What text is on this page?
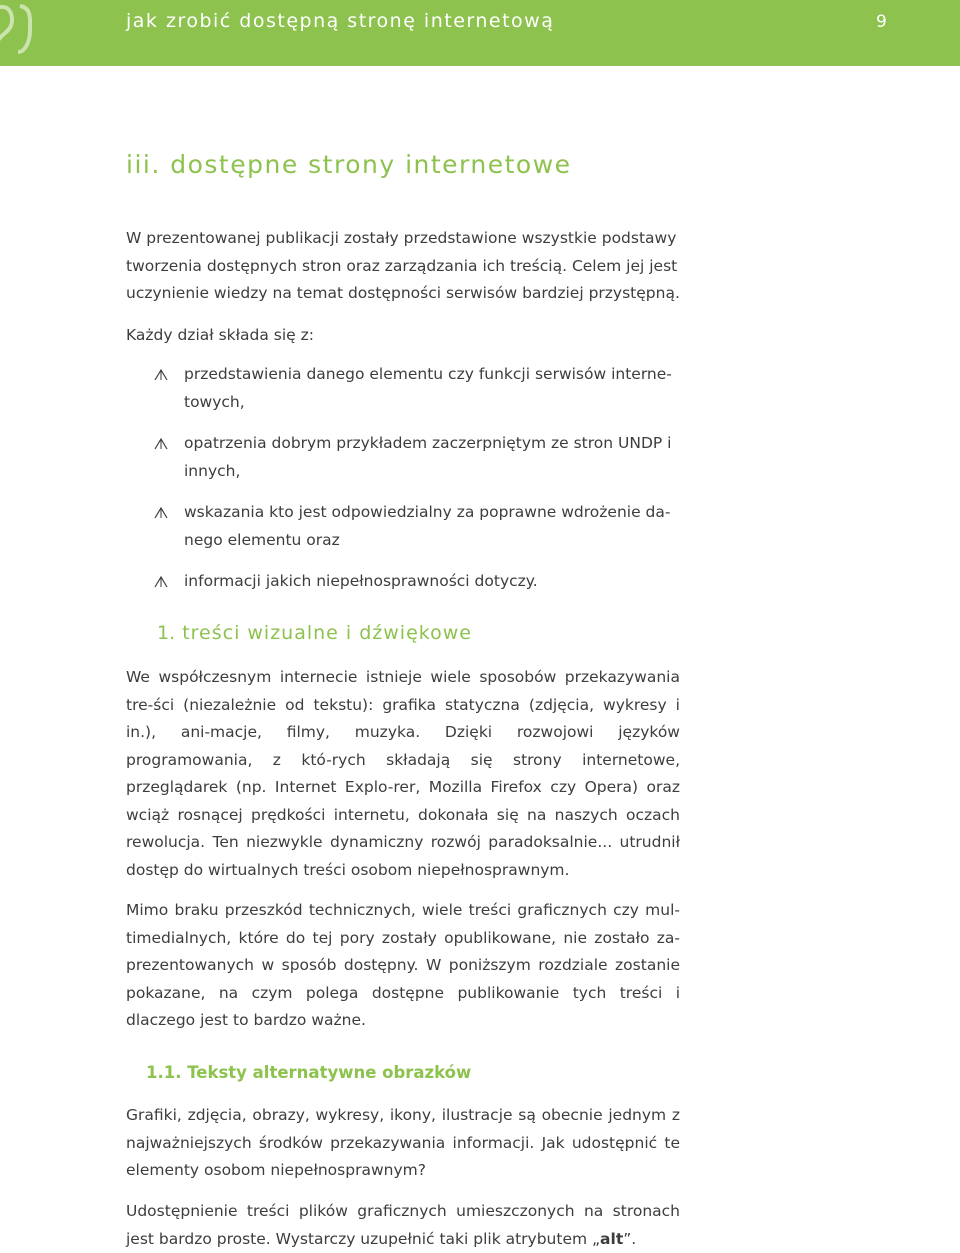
jak zrobić dostępną stronę internetową	9
iii. dostępne strony internetowe

W prezentowanej publikacji zostały przedstawione wszystkie podstawy tworzenia dostępnych stron oraz zarządzania ich treścią. Celem jej jest uczynienie wiedzy na temat dostępności serwisów bardziej przystępną.

Każdy dział składa się z:

przedstawienia danego elementu czy funkcji serwisów interne-towych,
opatrzenia dobrym przykładem zaczerpniętym ze stron UNDP i innych,
wskazania kto jest odpowiedzialny za poprawne wdrożenie da-nego elementu oraz
informacji jakich niepełnosprawności dotyczy.
1. treści wizualne i dźwiękowe

We współczesnym internecie istnieje wiele sposobów przekazywania tre-ści (niezależnie od tekstu): grafika statyczna (zdjęcia, wykresy i in.), ani-macje, filmy, muzyka. Dzięki rozwojowi języków programowania, z któ-rych składają się strony internetowe, przeglądarek (np. Internet Explo-rer, Mozilla Firefox czy Opera) oraz wciąż rosnącej prędkości internetu, dokonała się na naszych oczach rewolucja. Ten niezwykle dynamiczny rozwój paradoksalnie... utrudnił dostęp do wirtualnych treści osobom niepełnosprawnym.

Mimo braku przeszkód technicznych, wiele treści graficznych czy mul-timedialnych, które do tej pory zostały opublikowane, nie zostało za-prezentowanych w sposób dostępny. W poniższym rozdziale zostanie pokazane, na czym polega dostępne publikowanie tych treści i dlaczego jest to bardzo ważne.

1.1. Teksty alternatywne obrazków

Grafiki, zdjęcia, obrazy, wykresy, ikony, ilustracje są obecnie jednym z najważniejszych środków przekazywania informacji. Jak udostępnić te elementy osobom niepełnosprawnym?

Udostępnienie treści plików graficznych umieszczonych na stronach jest bardzo proste. Wystarczy uzupełnić taki plik atrybutem „alt”.
